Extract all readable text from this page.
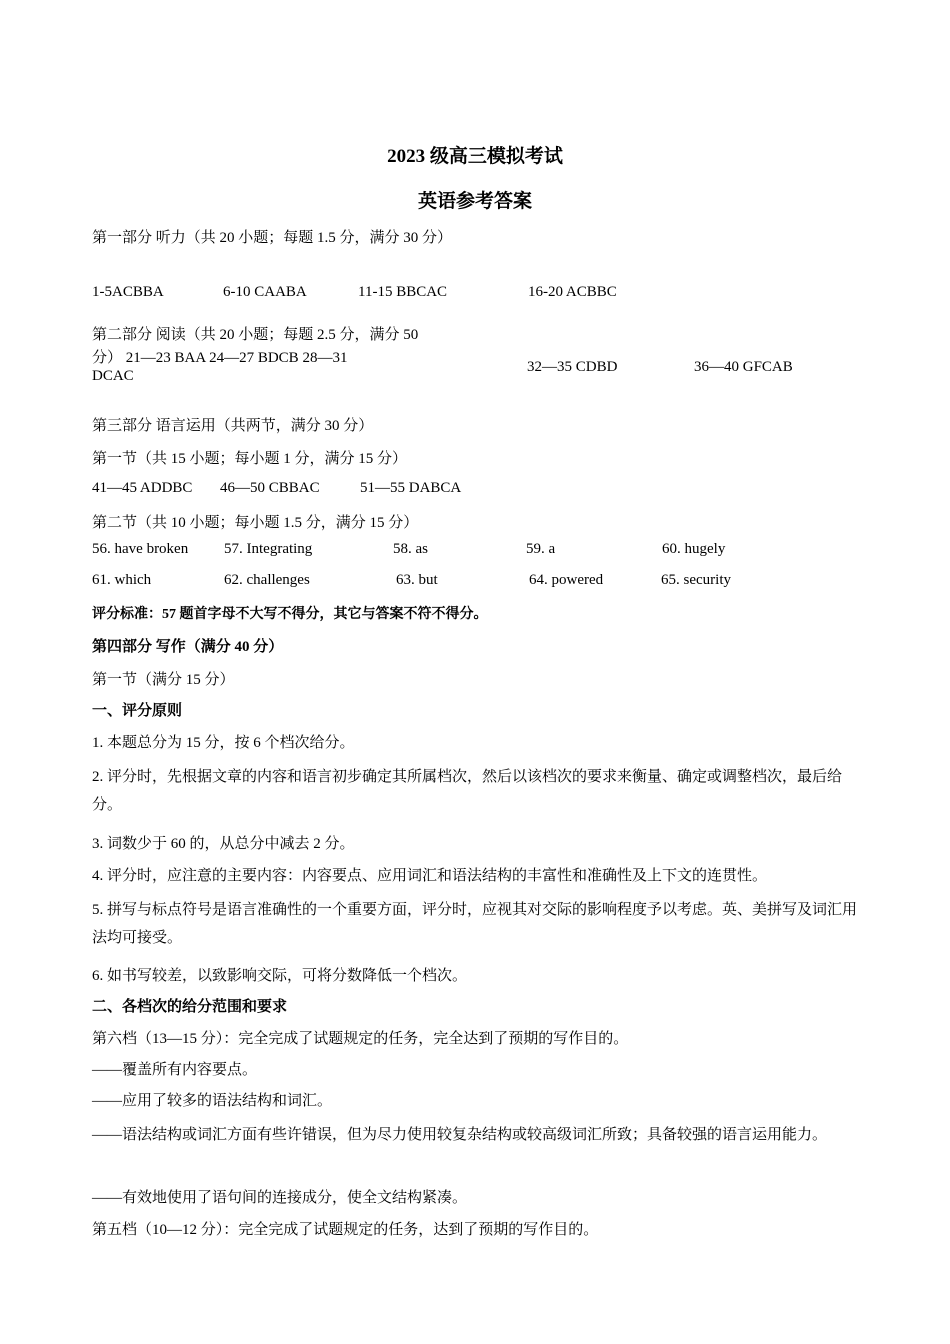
2023 级高三模拟考试
英语参考答案
第一部分 听力（共 20 小题；每题 1.5 分，满分 30 分）
1-5ACBBA	6-10 CAABA	11-15 BBCAC	16-20 ACBBC
第二部分 阅读（共 20 小题；每题 2.5 分，满分 50
分） 21—23 BAA 24—27 BDCB 28—31
DCAC
32—35 CDBD	36—40 GFCAB
第三部分 语言运用（共两节，满分 30 分）
第一节（共 15 小题；每小题 1 分，满分 15 分）
41—45 ADDBC 46—50 CBBAC	51—55 DABCA
第二节（共 10 小题；每小题 1.5 分，满分 15 分）
56. have broken 57. Integrating	58. as	59. a	60. hugely
61. which	62. challenges	63. but	64. powered	65. security
评分标准：57 题首字母不大写不得分，其它与答案不符不得分。
第四部分 写作（满分 40 分）
第一节（满分 15 分）
一、评分原则
1. 本题总分为 15 分，按 6 个档次给分。
2. 评分时，先根据文章的内容和语言初步确定其所属档次，然后以该档次的要求来衡量、确定或调整档次，最后给分。
3. 词数少于 60 的，从总分中减去 2 分。
4. 评分时，应注意的主要内容：内容要点、应用词汇和语法结构的丰富性和准确性及上下文的连贯性。
5. 拼写与标点符号是语言准确性的一个重要方面，评分时，应视其对交际的影响程度予以考虑。英、美拼写及词汇用法均可接受。
6. 如书写较差，以致影响交际，可将分数降低一个档次。
二、各档次的给分范围和要求
第六档（13—15 分）：完全完成了试题规定的任务，完全达到了预期的写作目的。
——覆盖所有内容要点。
——应用了较多的语法结构和词汇。
——语法结构或词汇方面有些许错误，但为尽力使用较复杂结构或较高级词汇所致；具备较强的语言运用能力。
——有效地使用了语句间的连接成分，使全文结构紧凑。
第五档（10—12 分）：完全完成了试题规定的任务，达到了预期的写作目的。
